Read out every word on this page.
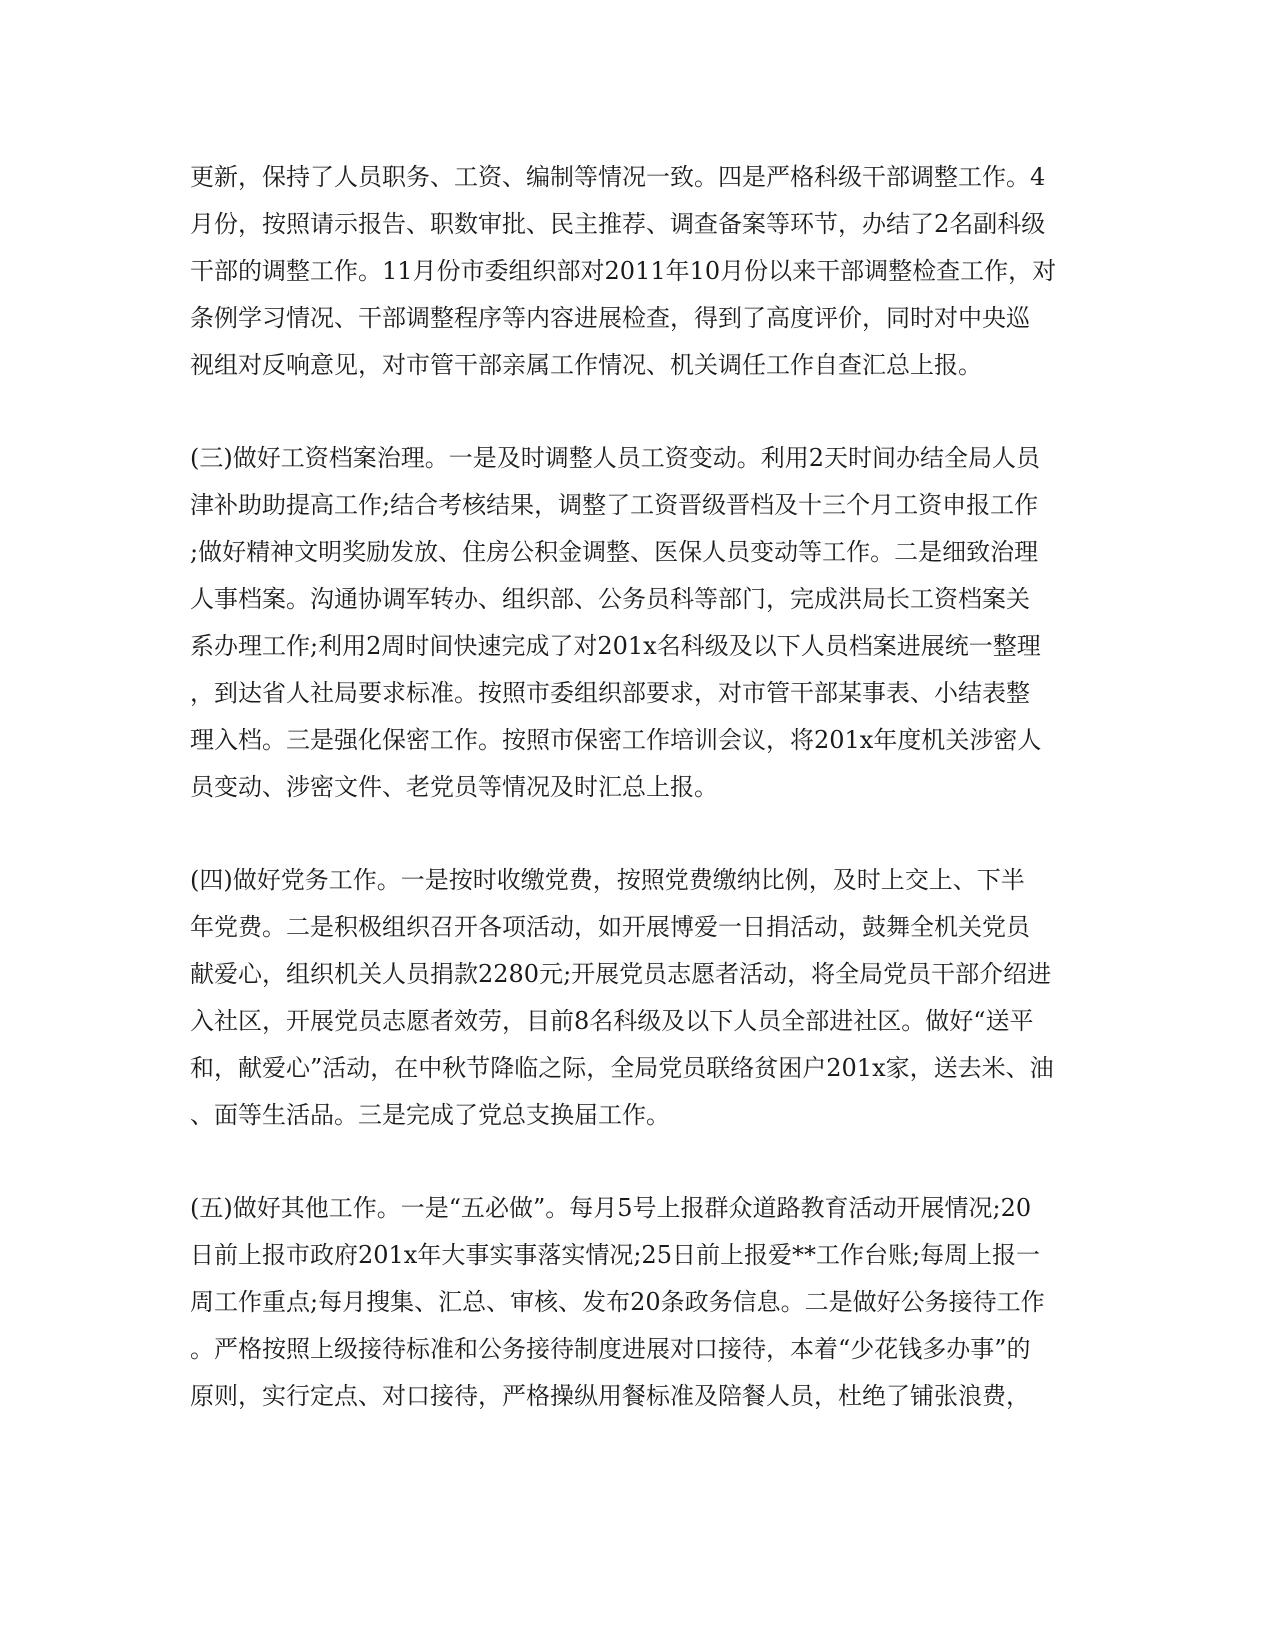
更新，保持了人员职务、工资、编制等情况一致。四是严格科级干部调整工作。4
月份，按照请示报告、职数审批、民主推荐、调查备案等环节，办结了2名副科级
干部的调整工作。11月份市委组织部对2011年10月份以来干部调整检查工作，对
条例学习情况、干部调整程序等内容进展检查，得到了高度评价，同时对中央巡
视组对反响意见，对市管干部亲属工作情况、机关调任工作自查汇总上报。
(三)做好工资档案治理。一是及时调整人员工资变动。利用2天时间办结全局人员
津补助助提高工作;结合考核结果，调整了工资晋级晋档及十三个月工资申报工作
;做好精神文明奖励发放、住房公积金调整、医保人员变动等工作。二是细致治理
人事档案。沟通协调军转办、组织部、公务员科等部门，完成洪局长工资档案关
系办理工作;利用2周时间快速完成了对201x名科级及以下人员档案进展统一整理
，到达省人社局要求标准。按照市委组织部要求，对市管干部某事表、小结表整
理入档。三是强化保密工作。按照市保密工作培训会议，将201x年度机关涉密人
员变动、涉密文件、老党员等情况及时汇总上报。
(四)做好党务工作。一是按时收缴党费，按照党费缴纳比例，及时上交上、下半
年党费。二是积极组织召开各项活动，如开展博爱一日捐活动，鼓舞全机关党员
献爱心，组织机关人员捐款2280元;开展党员志愿者活动，将全局党员干部介绍进
入社区，开展党员志愿者效劳，目前8名科级及以下人员全部进社区。做好“送平
和，献爱心”活动，在中秋节降临之际，全局党员联络贫困户201x家，送去米、油
、面等生活品。三是完成了党总支换届工作。
(五)做好其他工作。一是“五必做”。每月5号上报群众道路教育活动开展情况;20
日前上报市政府201x年大事实事落实情况;25日前上报爱**工作台账;每周上报一
周工作重点;每月搜集、汇总、审核、发布20条政务信息。二是做好公务接待工作
。严格按照上级接待标准和公务接待制度进展对口接待，本着“少花钱多办事”的
原则，实行定点、对口接待，严格操纵用餐标准及陪餐人员，杜绝了铺张浪费，
